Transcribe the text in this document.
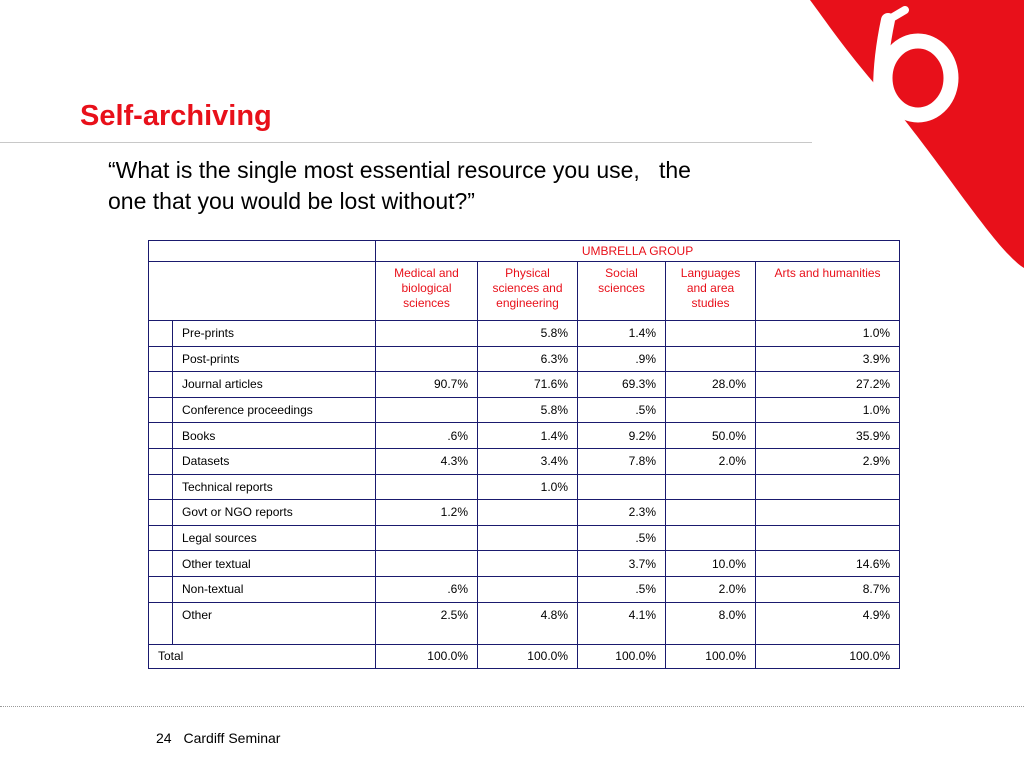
Self-archiving

“What is the single most essential resource you use,   the
one that you would be lost without?”

		UMBRELLA GROUP				
		Medical and biological sciences	Physical sciences and engineering	Social sciences	Languages and area studies	Arts and humanities
	Pre-prints		5.8%	1.4%		1.0%
	Post-prints		6.3%	.9%		3.9%
	Journal articles	90.7%	71.6%	69.3%	28.0%	27.2%
	Conference proceedings		5.8%	.5%		1.0%
	Books	.6%	1.4%	9.2%	50.0%	35.9%
	Datasets	4.3%	3.4%	7.8%	2.0%	2.9%
	Technical reports		1.0%			
	Govt or NGO reports	1.2%		2.3%		
	Legal sources			.5%		
	Other textual			3.7%	10.0%	14.6%
	Non-textual	.6%		.5%	2.0%	8.7%
	Other	2.5%	4.8%	4.1%	8.0%	4.9%
Total		100.0%	100.0%	100.0%	100.0%	100.0%
24 Cardiff Seminar
